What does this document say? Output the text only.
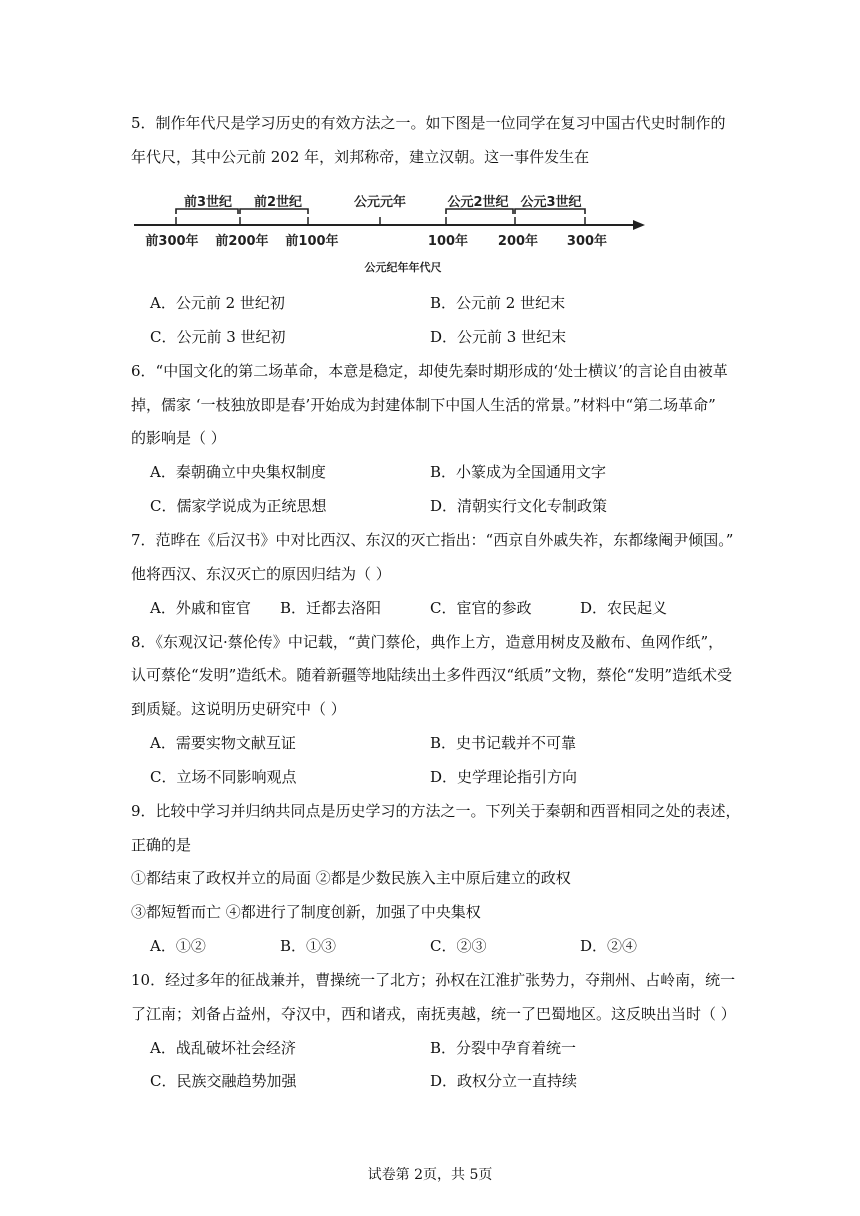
5．制作年代尺是学习历史的有效方法之一。如下图是一位同学在复习中国古代史时制作的
年代尺，其中公元前 202 年，刘邦称帝，建立汉朝。这一事件发生在
前3世纪 前2世纪	公元元年	公元2世纪 公元3世纪
前300年 前200年 前100年	100年 200年 300年
公元纪年年代尺
A．公元前 2 世纪初	B．公元前 2 世纪末
C．公元前 3 世纪初	D．公元前 3 世纪末
6．“中国文化的第二场革命，本意是稳定，却使先秦时期形成的‘处士横议’的言论自由被革
掉，儒家 ‘一枝独放即是春’开始成为封建体制下中国人生活的常景。”材料中“第二场革命”
的影响是（ ）
A．秦朝确立中央集权制度	B．小篆成为全国通用文字
C．儒家学说成为正统思想	D．清朝实行文化专制政策
7．范晔在《后汉书》中对比西汉、东汉的灭亡指出：“西京自外戚失祚，东都缘阉尹倾国。”
他将西汉、东汉灭亡的原因归结为（ ）
A．外戚和宦官 B．迁都去洛阳	C．宦官的参政	D．农民起义
8．《东观汉记·蔡伦传》中记载，“黄门蔡伦，典作上方，造意用树皮及敝布、鱼网作纸”，
认可蔡伦“发明”造纸术。随着新疆等地陆续出土多件西汉“纸质”文物，蔡伦“发明”造纸术受
到质疑。这说明历史研究中（ ）
A．需要实物文献互证	B．史书记载并不可靠
C．立场不同影响观点	D．史学理论指引方向
9．比较中学习并归纳共同点是历史学习的方法之一。下列关于秦朝和西晋相同之处的表述，
正确的是
①都结束了政权并立的局面 ②都是少数民族入主中原后建立的政权
③都短暂而亡 ④都进行了制度创新，加强了中央集权
A．①②	B．①③	C．②③	D．②④
10．经过多年的征战兼并，曹操统一了北方；孙权在江淮扩张势力，夺荆州、占岭南，统一
了江南；刘备占益州，夺汉中，西和诸戎，南抚夷越，统一了巴蜀地区。这反映出当时（ ）
A．战乱破坏社会经济	B．分裂中孕育着统一
C．民族交融趋势加强	D．政权分立一直持续
试卷第 2页，共 5页
